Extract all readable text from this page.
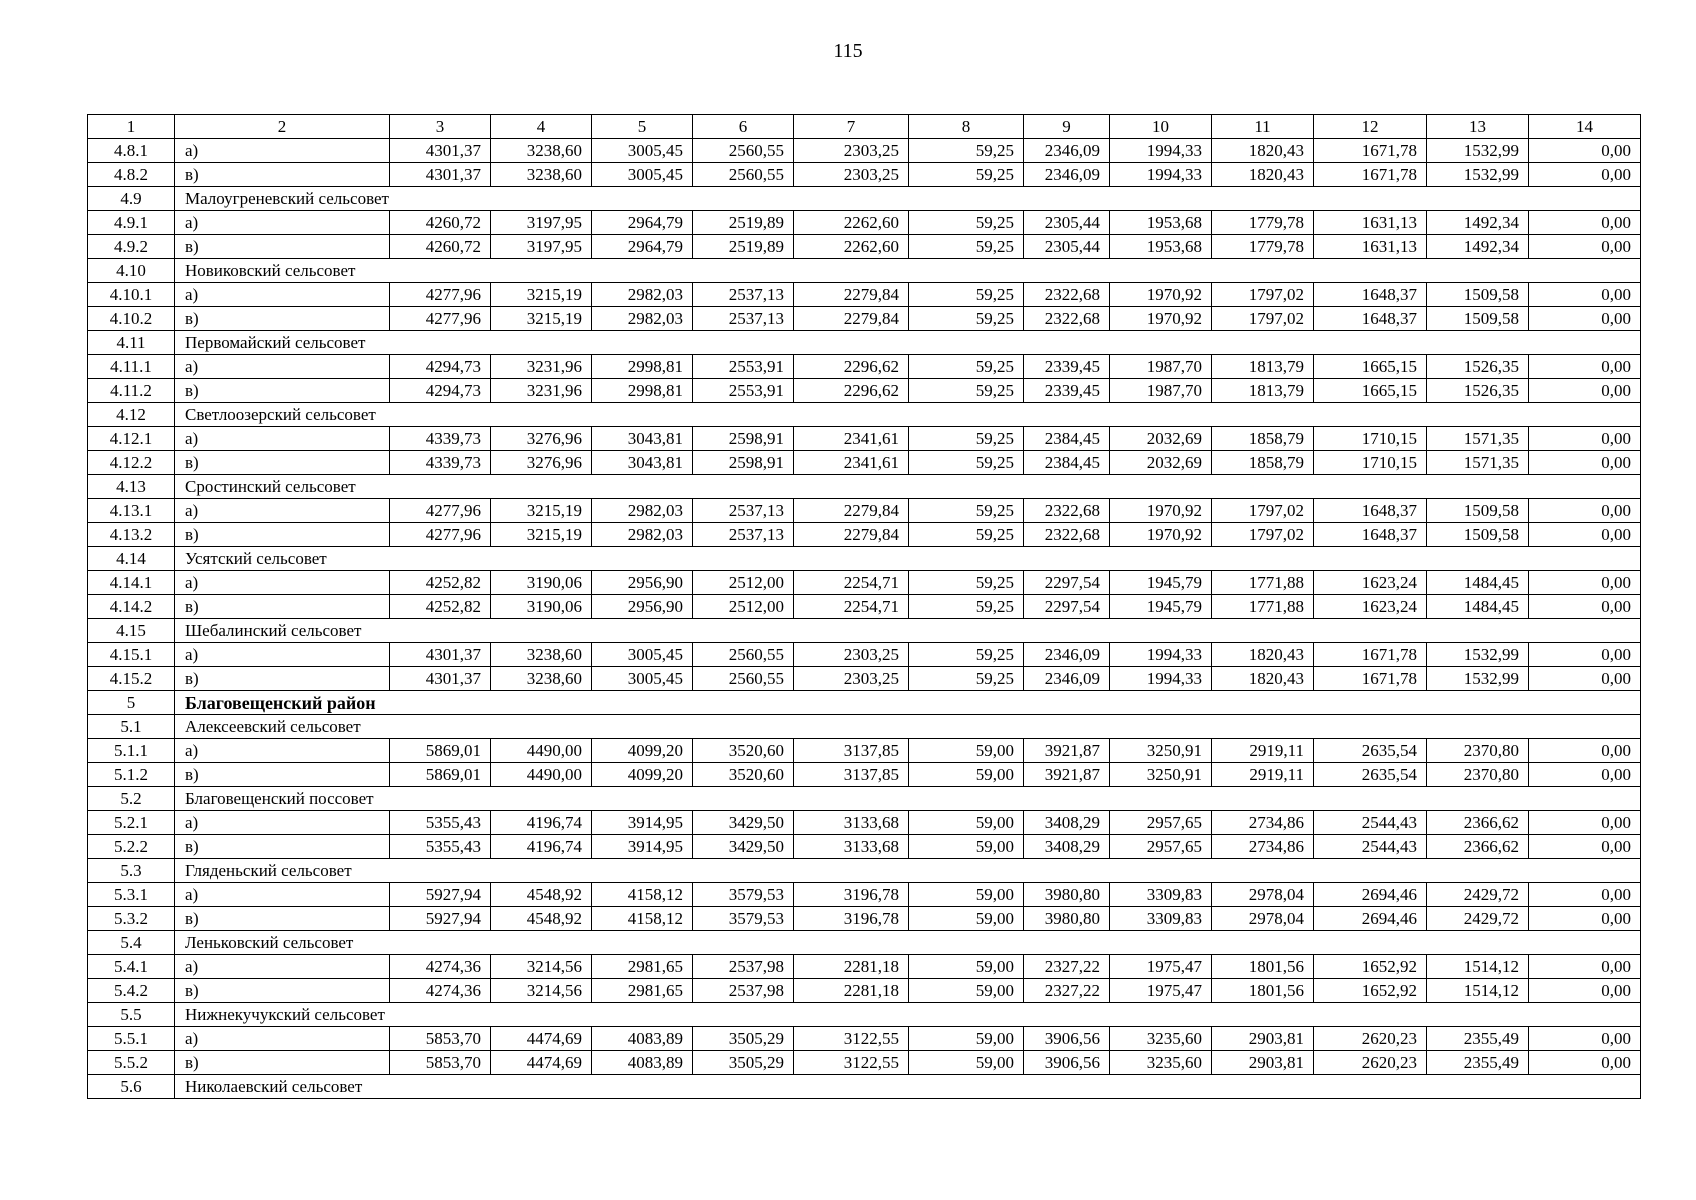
115
1	2	3	4	5	6	7	8	9	10	11	12	13	14
4.8.1	а)	4301,37	3238,60	3005,45	2560,55	2303,25	59,25	2346,09	1994,33	1820,43	1671,78	1532,99	0,00
4.8.2	в)	4301,37	3238,60	3005,45	2560,55	2303,25	59,25	2346,09	1994,33	1820,43	1671,78	1532,99	0,00
4.9	Малоугреневский сельсовет												
4.9.1	а)	4260,72	3197,95	2964,79	2519,89	2262,60	59,25	2305,44	1953,68	1779,78	1631,13	1492,34	0,00
4.9.2	в)	4260,72	3197,95	2964,79	2519,89	2262,60	59,25	2305,44	1953,68	1779,78	1631,13	1492,34	0,00
4.10	Новиковский сельсовет												
4.10.1	а)	4277,96	3215,19	2982,03	2537,13	2279,84	59,25	2322,68	1970,92	1797,02	1648,37	1509,58	0,00
4.10.2	в)	4277,96	3215,19	2982,03	2537,13	2279,84	59,25	2322,68	1970,92	1797,02	1648,37	1509,58	0,00
4.11	Первомайский сельсовет												
4.11.1	а)	4294,73	3231,96	2998,81	2553,91	2296,62	59,25	2339,45	1987,70	1813,79	1665,15	1526,35	0,00
4.11.2	в)	4294,73	3231,96	2998,81	2553,91	2296,62	59,25	2339,45	1987,70	1813,79	1665,15	1526,35	0,00
4.12	Светлоозерский сельсовет												
4.12.1	а)	4339,73	3276,96	3043,81	2598,91	2341,61	59,25	2384,45	2032,69	1858,79	1710,15	1571,35	0,00
4.12.2	в)	4339,73	3276,96	3043,81	2598,91	2341,61	59,25	2384,45	2032,69	1858,79	1710,15	1571,35	0,00
4.13	Сростинский сельсовет												
4.13.1	а)	4277,96	3215,19	2982,03	2537,13	2279,84	59,25	2322,68	1970,92	1797,02	1648,37	1509,58	0,00
4.13.2	в)	4277,96	3215,19	2982,03	2537,13	2279,84	59,25	2322,68	1970,92	1797,02	1648,37	1509,58	0,00
4.14	Усятский сельсовет												
4.14.1	а)	4252,82	3190,06	2956,90	2512,00	2254,71	59,25	2297,54	1945,79	1771,88	1623,24	1484,45	0,00
4.14.2	в)	4252,82	3190,06	2956,90	2512,00	2254,71	59,25	2297,54	1945,79	1771,88	1623,24	1484,45	0,00
4.15	Шебалинский сельсовет												
4.15.1	а)	4301,37	3238,60	3005,45	2560,55	2303,25	59,25	2346,09	1994,33	1820,43	1671,78	1532,99	0,00
4.15.2	в)	4301,37	3238,60	3005,45	2560,55	2303,25	59,25	2346,09	1994,33	1820,43	1671,78	1532,99	0,00
5	Благовещенский район												
5.1	Алексеевский сельсовет												
5.1.1	а)	5869,01	4490,00	4099,20	3520,60	3137,85	59,00	3921,87	3250,91	2919,11	2635,54	2370,80	0,00
5.1.2	в)	5869,01	4490,00	4099,20	3520,60	3137,85	59,00	3921,87	3250,91	2919,11	2635,54	2370,80	0,00
5.2	Благовещенский поссовет												
5.2.1	а)	5355,43	4196,74	3914,95	3429,50	3133,68	59,00	3408,29	2957,65	2734,86	2544,43	2366,62	0,00
5.2.2	в)	5355,43	4196,74	3914,95	3429,50	3133,68	59,00	3408,29	2957,65	2734,86	2544,43	2366,62	0,00
5.3	Гляденьский сельсовет												
5.3.1	а)	5927,94	4548,92	4158,12	3579,53	3196,78	59,00	3980,80	3309,83	2978,04	2694,46	2429,72	0,00
5.3.2	в)	5927,94	4548,92	4158,12	3579,53	3196,78	59,00	3980,80	3309,83	2978,04	2694,46	2429,72	0,00
5.4	Леньковский сельсовет												
5.4.1	а)	4274,36	3214,56	2981,65	2537,98	2281,18	59,00	2327,22	1975,47	1801,56	1652,92	1514,12	0,00
5.4.2	в)	4274,36	3214,56	2981,65	2537,98	2281,18	59,00	2327,22	1975,47	1801,56	1652,92	1514,12	0,00
5.5	Нижнекучукский сельсовет												
5.5.1	а)	5853,70	4474,69	4083,89	3505,29	3122,55	59,00	3906,56	3235,60	2903,81	2620,23	2355,49	0,00
5.5.2	в)	5853,70	4474,69	4083,89	3505,29	3122,55	59,00	3906,56	3235,60	2903,81	2620,23	2355,49	0,00
5.6	Николаевский сельсовет												
